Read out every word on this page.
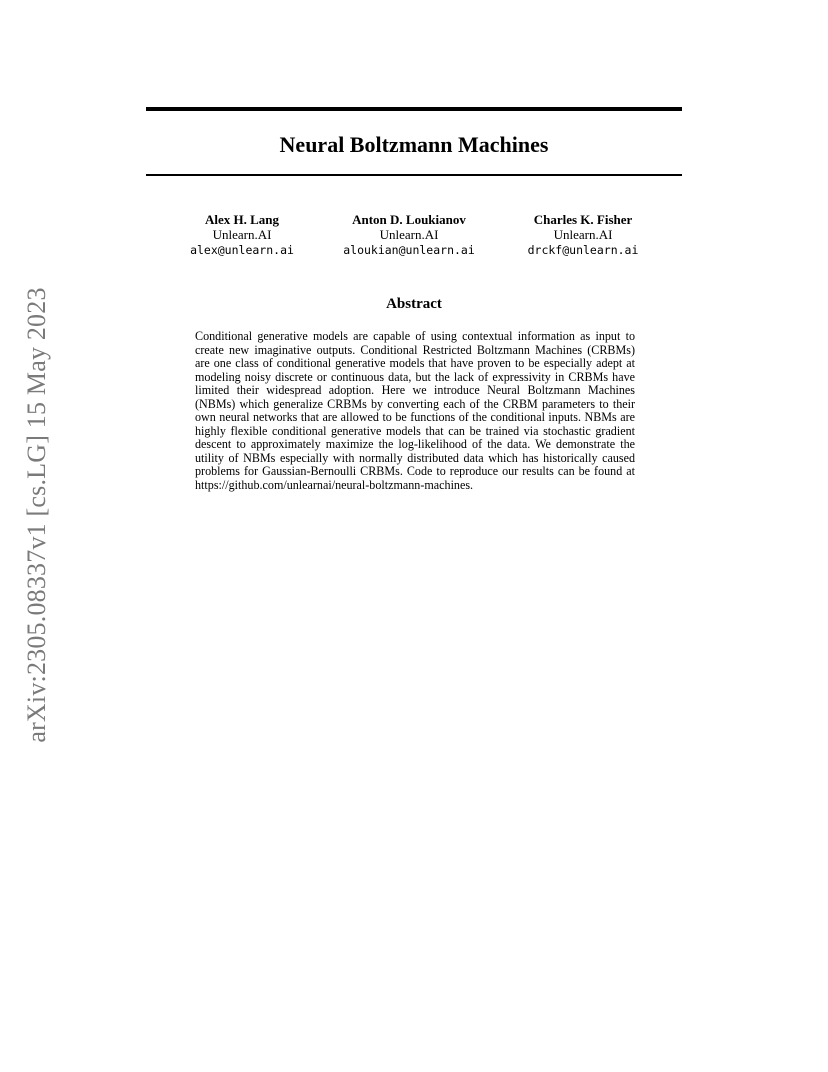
arXiv:2305.08337v1 [cs.LG] 15 May 2023
Neural Boltzmann Machines
Alex H. Lang
Unlearn.AI
alex@unlearn.ai
Anton D. Loukianov
Unlearn.AI
aloukian@unlearn.ai
Charles K. Fisher
Unlearn.AI
drckf@unlearn.ai
Abstract

Conditional generative models are capable of using contextual information as input to create new imaginative outputs. Conditional Restricted Boltzmann Machines (CRBMs) are one class of conditional generative models that have proven to be especially adept at modeling noisy discrete or continuous data, but the lack of expressivity in CRBMs have limited their widespread adoption. Here we introduce Neural Boltzmann Machines (NBMs) which generalize CRBMs by converting each of the CRBM parameters to their own neural networks that are allowed to be functions of the conditional inputs. NBMs are highly flexible conditional generative models that can be trained via stochastic gradient descent to approximately maximize the log-likelihood of the data. We demonstrate the utility of NBMs especially with normally distributed data which has historically caused problems for Gaussian-Bernoulli CRBMs. Code to reproduce our results can be found at https://github.com/unlearnai/neural-boltzmann-machines.
